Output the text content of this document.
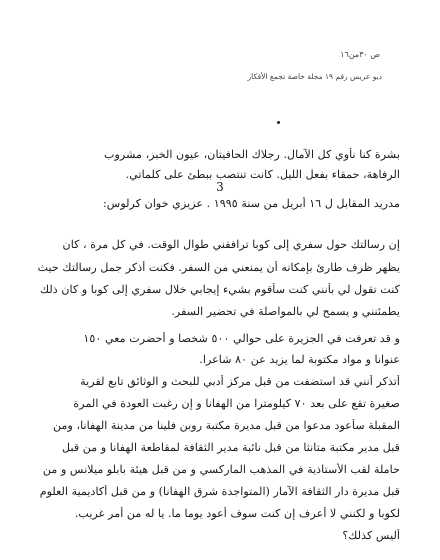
ص ٣٠من١٦
ديو عريس رقم ١٩ مجلة خاصة تجمع الأفكار
بشرة كنا نأوي كل الآمال. رجلاك الحافيتان، عيون الخبز، مشروب
الرفاهة، حمقاء بفعل الليل. كانت تنتصب ببطئ على كلماتي.
3
مدريد المقابل ل ١٦ أبريل من سنة ١٩٩٥ . عزيزي خوان كرلوس:
إن رسالتك حول سفري إلى كوبا ترافقني طوال الوقت. في كل مرة ، كان
يظهر ظرف طارئ بإمكانه أن يمنعني من السفر. فكنت أذكر جمل رسالتك حيث
كنت تقول لي بأنني كنت سأقوم بشيء إيجابي خلال سفري إلى كوبا و كان ذلك
يطمئنني و يسمح لي بالمواصلة في تحضير السفر.
و قد تعرفت في الجزيرة على حوالي ٥٠٠ شخصا و أحضرت معي ١٥٠
عنوانا و مواد مكتوبة لما يزيد عن ٨٠ شاعرا.
أتذكر أنني قد استضفت من قبل مركز أدبي للبحث و الوثائق تابع لقرية
صغيرة تقع على بعد ٧٠ كيلومترا من الهفانا و إن رغبت العودة في المرة
المقبلة سأعود مدعوا من قبل مديرة مكتبة روبن فلينا من مدينة الهفانا، ومن
قبل مدير مكتبة متانثا من قبل نائبة مدير الثقافة لمقاطعة الهفانا و من قبل
حاملة لقب الأستاذية في المذهب الماركسي و من قبل هيئة بابلو ميلانس و من
قبل مديرة دار الثقافة الآمار (المتواجدة شرق الهفانا) و من قبل أكاديمية العلوم
لكوبا و لكنني لا أعرف إن كنت سوف أعود يوما ما. يا له من أمر غريب.
أليس كذلك؟
